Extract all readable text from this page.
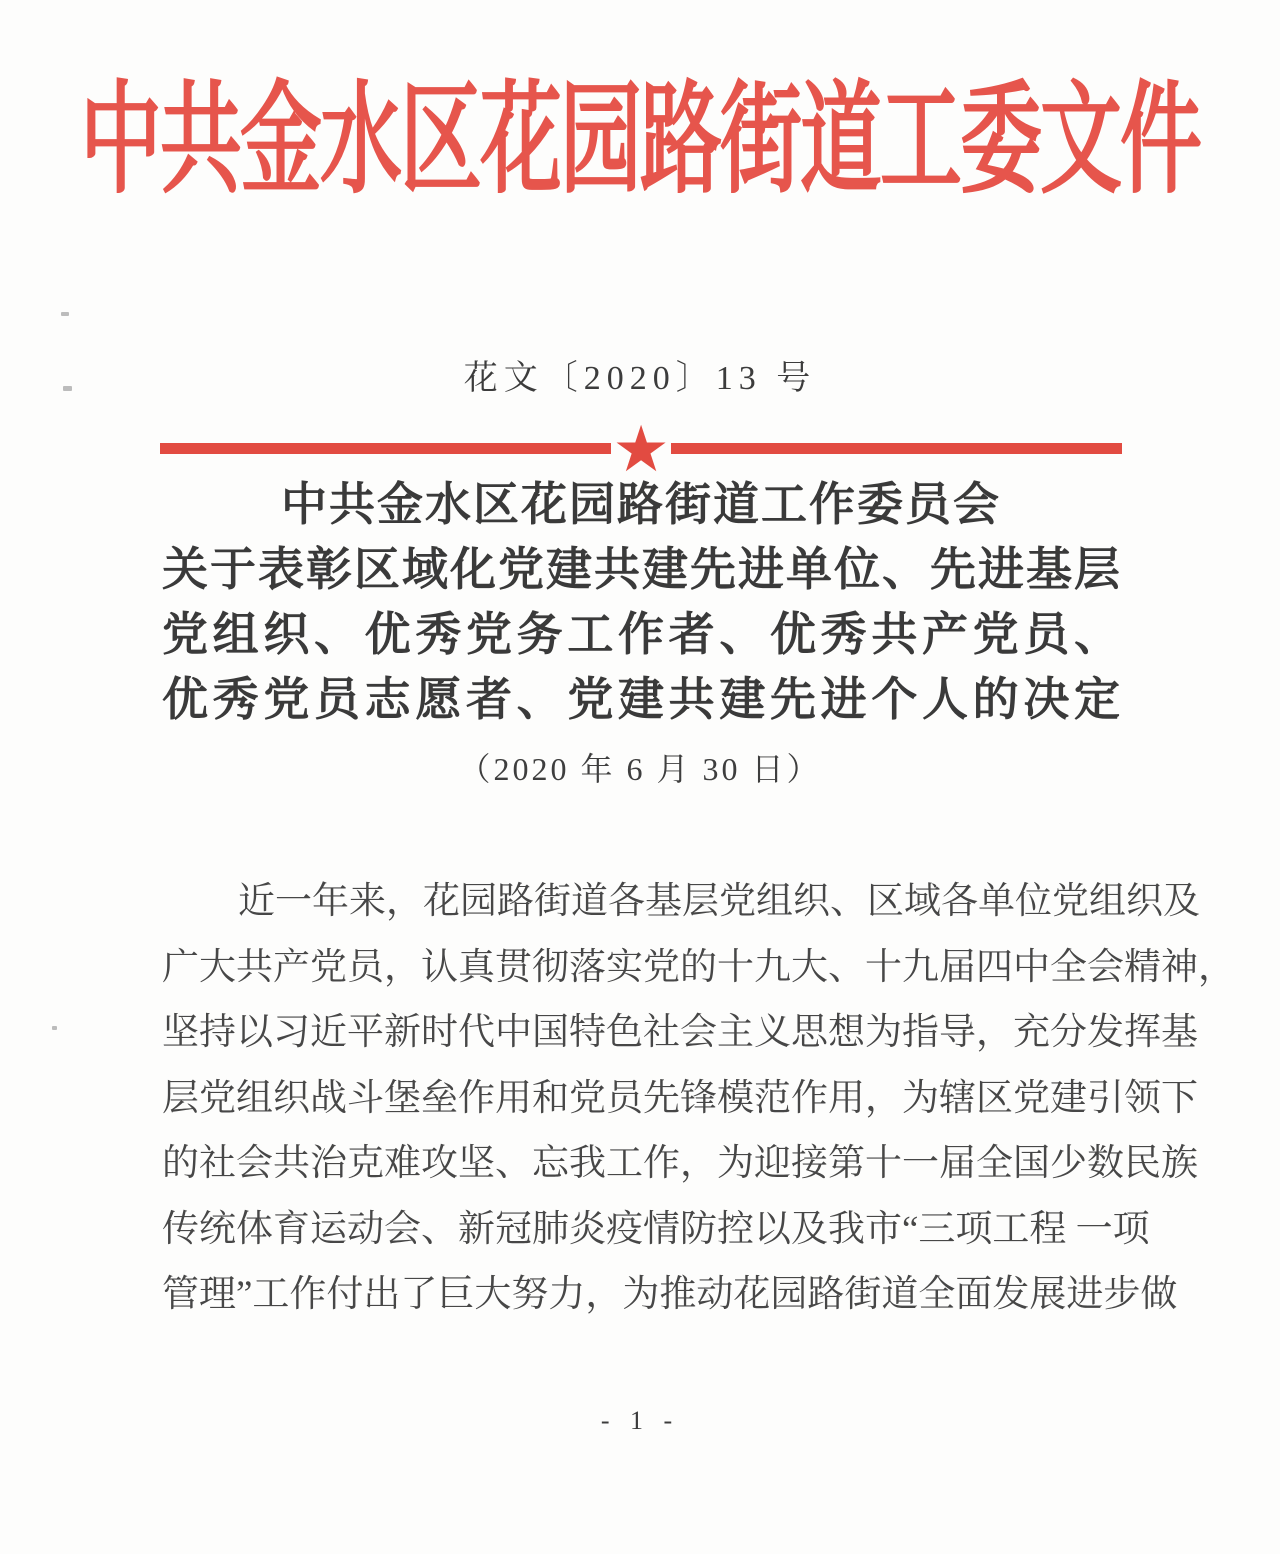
中共金水区花园路街道工委文件
花文〔2020〕13 号
★
中共金水区花园路街道工作委员会
关于表彰区域化党建共建先进单位、先进基层
党组织、优秀党务工作者、优秀共产党员、
优秀党员志愿者、党建共建先进个人的决定
（2020 年 6 月 30 日）
近一年来，花园路街道各基层党组织、区域各单位党组织及
广大共产党员，认真贯彻落实党的十九大、十九届四中全会精神，
坚持以习近平新时代中国特色社会主义思想为指导，充分发挥基
层党组织战斗堡垒作用和党员先锋模范作用，为辖区党建引领下
的社会共治克难攻坚、忘我工作，为迎接第十一届全国少数民族
传统体育运动会、新冠肺炎疫情防控以及我市“三项工程 一项
管理”工作付出了巨大努力，为推动花园路街道全面发展进步做
- 1 -
